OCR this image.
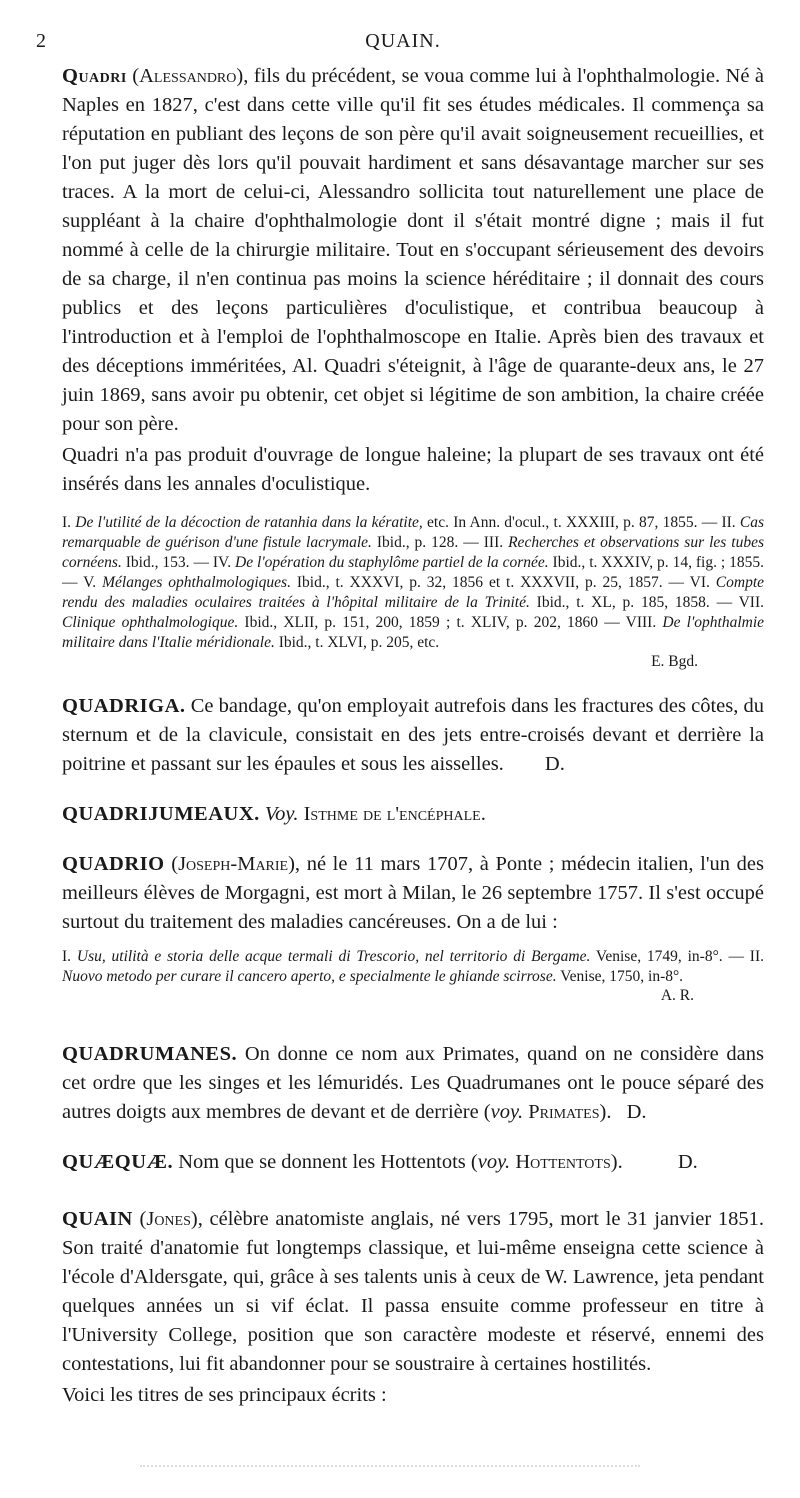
2	QUAIN.

Quadri (Alessandro), fils du précédent, se voua comme lui à l'ophthalmologie. Né à Naples en 1827, c'est dans cette ville qu'il fit ses études médicales. Il commença sa réputation en publiant des leçons de son père qu'il avait soigneusement recueillies, et l'on put juger dès lors qu'il pouvait hardiment et sans désavantage marcher sur ses traces. A la mort de celui-ci, Alessandro sollicita tout naturellement une place de suppléant à la chaire d'ophthalmologie dont il s'était montré digne ; mais il fut nommé à celle de la chirurgie militaire. Tout en s'occupant sérieusement des devoirs de sa charge, il n'en continua pas moins la science héréditaire ; il donnait des cours publics et des leçons particulières d'oculistique, et contribua beaucoup à l'introduction et à l'emploi de l'ophthalmoscope en Italie. Après bien des travaux et des déceptions imméritées, Al. Quadri s'éteignit, à l'âge de quarante-deux ans, le 27 juin 1869, sans avoir pu obtenir, cet objet si légitime de son ambition, la chaire créée pour son père.

Quadri n'a pas produit d'ouvrage de longue haleine; la plupart de ses travaux ont été insérés dans les annales d'oculistique.

I. De l'utilité de la décoction de ratanhia dans la kératite, etc. In Ann. d'ocul., t. XXXIII, p. 87, 1855. — II. Cas remarquable de guérison d'une fistule lacrymale. Ibid., p. 128. — III. Recherches et observations sur les tubes cornéens. Ibid., 153. — IV. De l'opération du staphylôme partiel de la cornée. Ibid., t. XXXIV, p. 14, fig. ; 1855. — V. Mélanges ophthalmologiques. Ibid., t. XXXVI, p. 32, 1856 et t. XXXVII, p. 25, 1857. — VI. Compte rendu des maladies oculaires traitées à l'hôpital militaire de la Trinité. Ibid., t. XL, p. 185, 1858. — VII. Clinique ophthalmologique. Ibid., XLII, p. 151, 200, 1859 ; t. XLIV, p. 202, 1860 — VIII. De l'ophthalmie militaire dans l'Italie méridionale. Ibid., t. XLVI, p. 205, etc.

E. Bgd.

QUADRIGA. Ce bandage, qu'on employait autrefois dans les fractures des côtes, du sternum et de la clavicule, consistait en des jets entre-croisés devant et derrière la poitrine et passant sur les épaules et sous les aisselles. D.

QUADRIJUMEAUX. Voy. Isthme de l'encéphale.

QUADRIO (Joseph-Marie), né le 11 mars 1707, à Ponte ; médecin italien, l'un des meilleurs élèves de Morgagni, est mort à Milan, le 26 septembre 1757. Il s'est occupé surtout du traitement des maladies cancéreuses. On a de lui :

I. Usu, utilità e storia delle acque termali di Trescorio, nel territorio di Bergame. Venise, 1749, in-8°. — II. Nuovo metodo per curare il cancero aperto, e specialmente le ghiande scirrose. Venise, 1750, in-8°.

A. R.

QUADRUMANES. On donne ce nom aux Primates, quand on ne considère dans cet ordre que les singes et les lémuridés. Les Quadrumanes ont le pouce séparé des autres doigts aux membres de devant et de derrière (voy. Primates). D.

QUÆQUÆ. Nom que se donnent les Hottentots (voy. Hottentots).	D.

QUAIN (Jones), célèbre anatomiste anglais, né vers 1795, mort le 31 janvier 1851. Son traité d'anatomie fut longtemps classique, et lui-même enseigna cette science à l'école d'Aldersgate, qui, grâce à ses talents unis à ceux de W. Lawrence, jeta pendant quelques années un si vif éclat. Il passa ensuite comme professeur en titre à l'University College, position que son caractère modeste et réservé, ennemi des contestations, lui fit abandonner pour se soustraire à certaines hostilités.

Voici les titres de ses principaux écrits :
